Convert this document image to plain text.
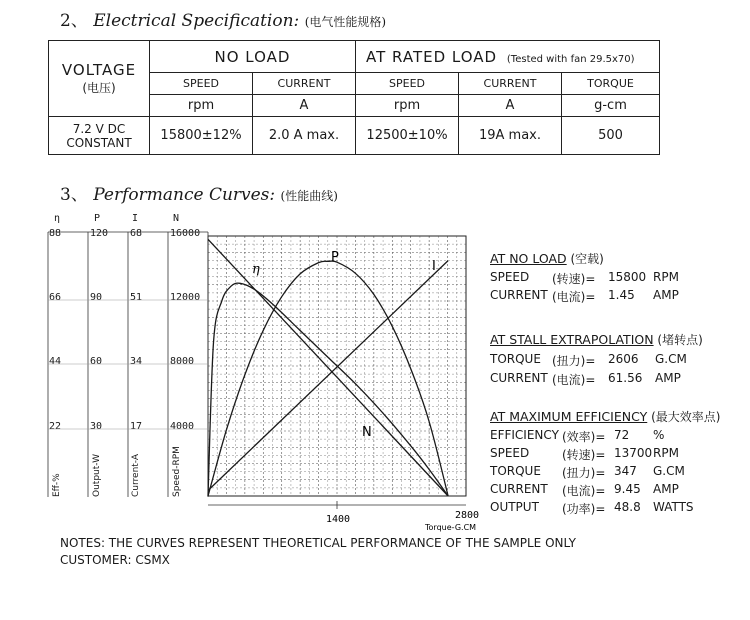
2、 Electrical Specification: (电气性能规格)
VOLTAGE
(电压)	NO LOAD		AT RATED LOAD (Tested with fan 29.5x70)		
	SPEED	CURRENT	SPEED	CURRENT	TORQUE
	rpm	A	rpm	A	g-cm

7.2 V DC
CONSTANT	15800±12%	2.0 A max.	12500±10%	19A max.	500
3、 Performance Curves: (性能曲线)
η	P	I	N
88
66
44
22
120
90
60
30
68
51
34
17
16000
12000
8000
4000
Eff-%	Output-W	Current-A	Speed-RPM
η
P
I
N
1400	2800
Torque-G.CM
AT NO LOAD (空载)
SPEED (转速)= 15800 RPM
CURRENT (电流)= 1.45 AMP
AT STALL EXTRAPOLATION (堵转点)
TORQUE (扭力)= 2606 G.CM
CURRENT (电流)= 61.56 AMP
AT MAXIMUM EFFICIENCY (最大效率点)
EFFICIENCY (效率)= 72 %
SPEED	(转速)= 13700 RPM
TORQUE (扭力)= 347 G.CM
CURRENT (电流)= 9.45 AMP
OUTPUT (功率)= 48.8 WATTS
NOTES: THE CURVES REPRESENT THEORETICAL PERFORMANCE OF THE SAMPLE ONLY
CUSTOMER: CSMX
